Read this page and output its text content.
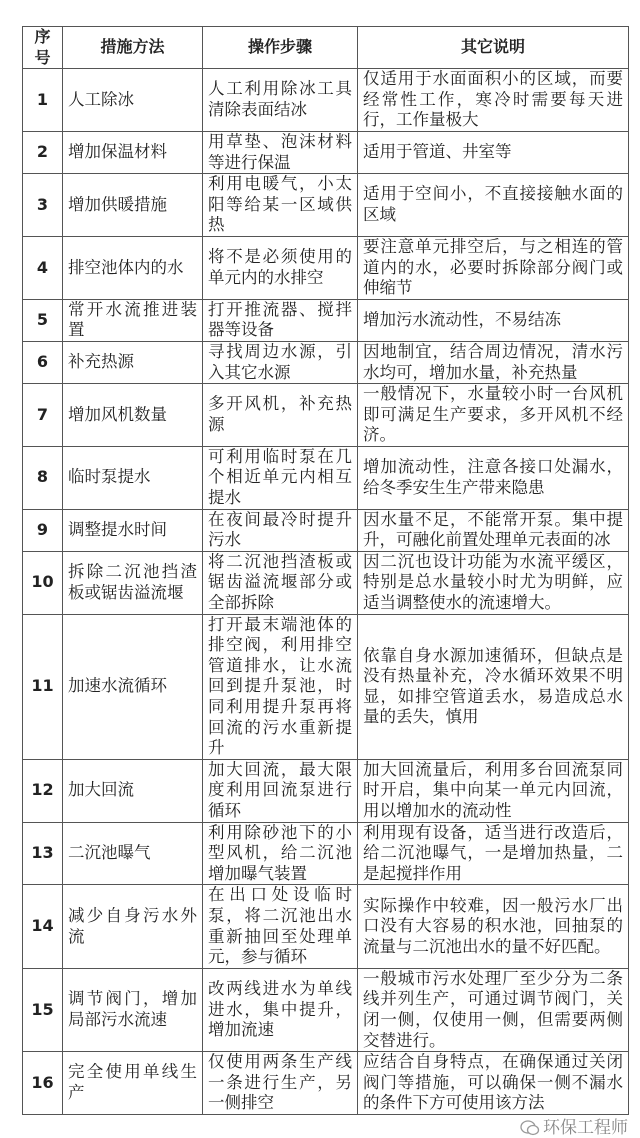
序号	措施方法	操作步骤	其它说明
1	人工除冰	人工利用除冰工具清除表面结冰	仅适用于水面面积小的区域，而要经常性工作，寒冷时需要每天进行，工作量极大
2	增加保温材料	用草垫、泡沫材料等进行保温	适用于管道、井室等
3	增加供暖措施	利用电暖气，小太阳等给某一区域供热	适用于空间小，不直接接触水面的区域
4	排空池体内的水	将不是必须使用的单元内的水排空	要注意单元排空后，与之相连的管道内的水，必要时拆除部分阀门或伸缩节
5	常开水流推进装置	打开推流器、搅拌器等设备	增加污水流动性，不易结冻
6	补充热源	寻找周边水源，引入其它水源	因地制宜，结合周边情况，清水污水均可，增加水量，补充热量
7	增加风机数量	多开风机，补充热源	一般情况下，水量较小时一台风机即可满足生产要求，多开风机不经济。
8	临时泵提水	可利用临时泵在几个相近单元内相互提水	增加流动性，注意各接口处漏水，给冬季安生生产带来隐患
9	调整提水时间	在夜间最冷时提升污水	因水量不足，不能常开泵。集中提升，可融化前置处理单元表面的冰
10	拆除二沉池挡渣板或锯齿溢流堰	将二沉池挡渣板或锯齿溢流堰部分或全部拆除	因二沉也设计功能为水流平缓区，特别是总水量较小时尤为明鲜，应适当调整使水的流速增大。
11	加速水流循环	打开最末端池体的排空阀，利用排空管道排水，让水流回到提升泵池，时同利用提升泵再将回流的污水重新提升	依靠自身水源加速循环，但缺点是没有热量补充，冷水循环效果不明显，如排空管道丢水，易造成总水量的丢失，慎用
12	加大回流	加大回流，最大限度利用回流泵进行循环	加大回流量后，利用多台回流泵同时开启，集中向某一单元内回流，用以增加水的流动性
13	二沉池曝气	利用除砂池下的小型风机，给二沉池增加曝气装置	利用现有设备，适当进行改造后，给二沉池曝气，一是增加热量，二是起搅拌作用
14	减少自身污水外流	在出口处设临时泵，将二沉池出水重新抽回至处理单元，参与循环	实际操作中较难，因一般污水厂出口没有大容易的积水池，回抽泵的流量与二沉池出水的量不好匹配。
15	调节阀门，增加局部污水流速	改两线进水为单线进水，集中提升，增加流速	一般城市污水处理厂至少分为二条线并列生产，可通过调节阀门，关闭一侧，仅使用一侧，但需要两侧交替进行。
16	完全使用单线生产	仅使用两条生产线一条进行生产，另一侧排空	应结合自身特点，在确保通过关闭阀门等措施，可以确保一侧不漏水的条件下方可使用该方法
环保工程师
